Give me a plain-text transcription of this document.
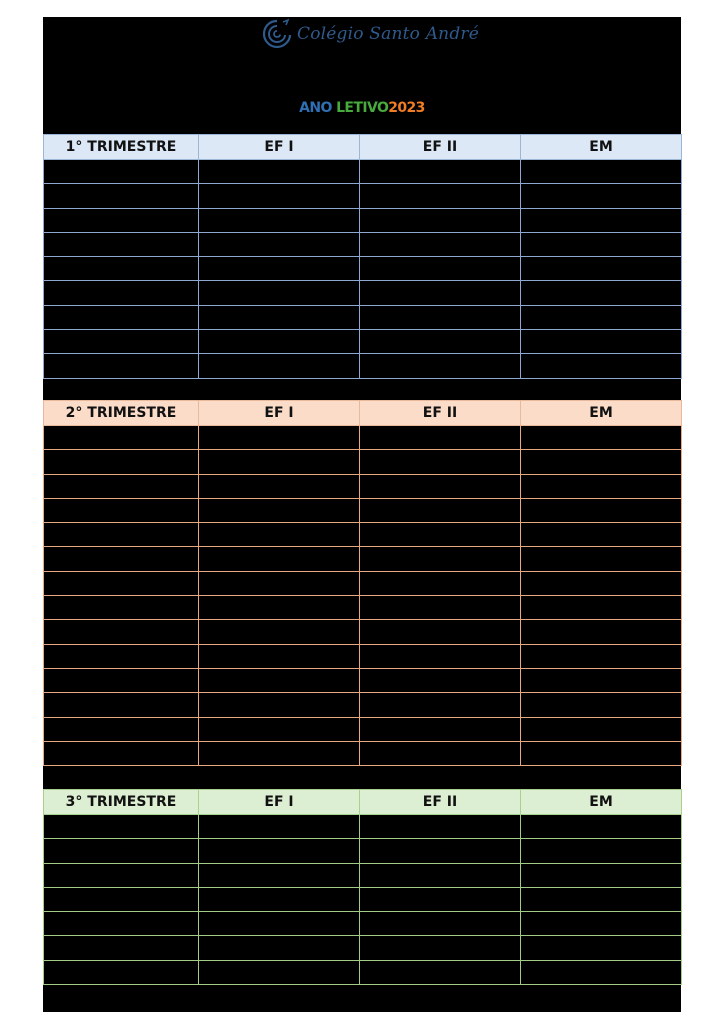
Colégio Santo André
ANO LETIVO2023
1° TRIMESTRE	EF I	EF II	EM

2° TRIMESTRE	EF I	EF II	EM

3° TRIMESTRE	EF I	EF II	EM
